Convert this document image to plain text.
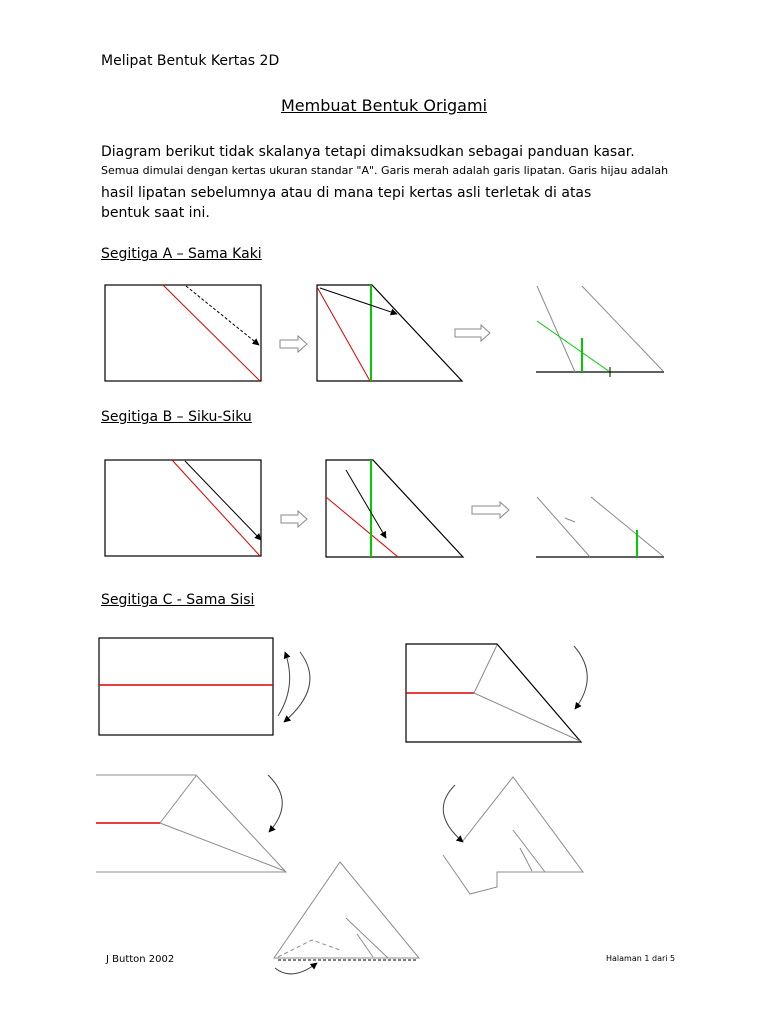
Melipat Bentuk Kertas 2D
Membuat Bentuk Origami
Diagram berikut tidak skalanya tetapi dimaksudkan sebagai panduan kasar.
Semua dimulai dengan kertas ukuran standar "A". Garis merah adalah garis lipatan. Garis hijau adalah
hasil lipatan sebelumnya atau di mana tepi kertas asli terletak di atas
bentuk saat ini.
Segitiga A – Sama Kaki
Segitiga B – Siku-Siku
Segitiga C - Sama Sisi
J Button 2002	Halaman 1 dari 5
